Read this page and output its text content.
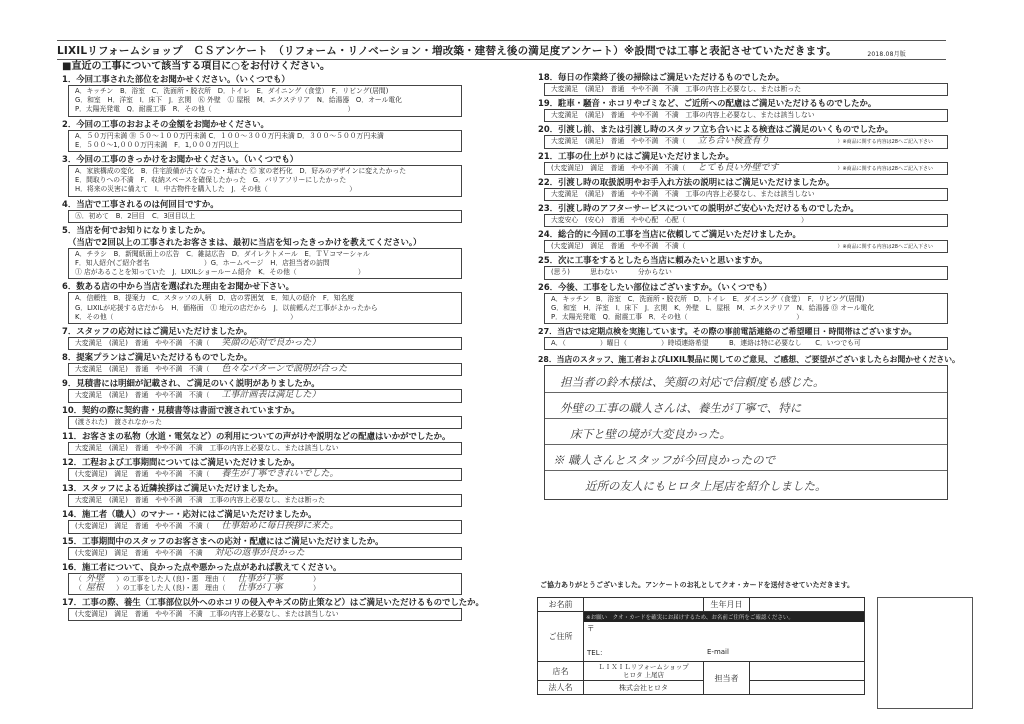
LIXILリフォームショップ　ＣＳアンケート　（リフォーム・リノベーション・増改築・建替え後の満足度アンケート）※設問では工事と表記させていただきます。	2018.08月版
■直近の工事について該当する項目に○をお付けください。
1．今回工事された部位をお聞かせください。（いくつでも）
A．キッチン　B．浴室　C．洗面所・脱衣所　D．トイレ　E．ダイニング（食堂）　F．リビング(居間)
G．和室　H．洋室　I．床下　J．玄関　Ⓚ 外壁　Ⓛ 屋根　M．エクステリア　N．給湯器　O．オール電化
P．太陽光発電　Q．耐震工事　R．その他（　　　　　　　　　　　　　　　　　　　　）
2．今回の工事のおおよその金額をお聞かせください。
A．５０万円未満 Ⓑ ５０～１００万円未満 C．１００～３００万円未満 D．３００～５００万円未満
E．５００～1,０００万円未満　F．1,０００万円以上
3．今回の工事のきっかけをお聞かせください。（いくつでも）
A．家族構成の変化　B．住宅設備が古くなった・壊れた Ⓒ 家の老朽化　D．好みのデザインに変えたかった
E．間取りへの不満　F．収納スペースを確保したかった　G．バリアフリーにしたかった
H．将来の災害に備えて　I．中古物件を購入した　J．その他（　　　　　　　　　　　　）
4．当店で工事されるのは何回目ですか。
Ⓐ．初めて　B．2回目　C．3回目以上
5．当店を何でお知りになりましたか。
（当店で2回以上の工事されたお客さまは、最初に当店を知ったきっかけを教えてください。）
A．チラシ　B．新聞紙面上の広告　C．雑誌広告　D．ダイレクトメール　E．ＴＶコマーシャル
F．知人紹介(ご紹介者名　　　　　　　　）G．ホームページ　H．店担当者の訪問
Ⓘ 店があることを知っていた　J．LIXILショールーム紹介　K．その他（　　　　　　　　　）
6．数ある店の中から当店を選ばれた理由をお聞かせ下さい。
A．信頼性　B．提案力　C．スタッフの人柄　D．店の雰囲気　E．知人の紹介　F．知名度
G．LIXILが応援する店だから　H．価格面　Ⓘ 地元の店だから　J．以前頼んだ工事がよかったから
K．その他（　　　　　　　　　　　　　　　　　　　　　　　　　　）
7．スタッフの応対にはご満足いただけましたか。
大変満足　(満足)　普通　やや不満　不満（ 笑顔の応対で良かった）
8．提案プランはご満足いただけるものでしたか。
大変満足　(満足)　普通　やや不満　不満（ 色々なパターンで説明が合った
9．見積書には明細が記載され、ご満足のいく説明がありましたか。
大変満足　(満足)　普通　やや不満　不満（ 工事計画表は満足した）
10．契約の際に契約書・見積書等は書面で渡されていますか。
(渡された)　渡されなかった
11．お客さまの私物（水道・電気など）の利用についての声がけや説明などの配慮はいかがでしたか。
大変満足　(満足)　普通　やや不満　不満　工事の内容上必要なし、または該当しない
12．工程および工事期間についてはご満足いただけましたか。
(大変満足)　満足　普通　やや不満　不満（ 養生が丁寧できれいでした。
13．スタッフによる近隣挨拶はご満足いただけましたか。
大変満足　(満足)　普通　やや不満　不満　工事の内容上必要なし、または断った
14．施工者（職人）のマナー・応対にはご満足いただけましたか。
(大変満足)　満足　普通　やや不満　不満（ 仕事始めに毎日挨拶に来た。
15．工事期間中のスタッフのお客さまへの応対・配慮にはご満足いただけましたか。
(大変満足)　満足　普通　やや不満　不満 対応の返事が良かった
16．施工者について、良かった点や悪かった点があれば教えてください。
（ 外壁 ）の工事をした人 (良)・悪　理由（ 仕事が丁寧　　　）
（ 屋根 ）の工事をした人 (良)・悪　理由（ 仕事が丁寧　　　）
17．工事の際、養生（工事部位以外へのホコリの侵入やキズの防止策など）はご満足いただけるものでしたか。
(大変満足)　満足　普通　やや不満　不満　工事の内容上必要なし、または該当しない
18．毎日の作業終了後の掃除はご満足いただけるものでしたか。
大変満足　(満足)　普通　やや不満　不満　工事の内容上必要なし、または断った
19．駐車・騒音・ホコリやゴミなど、ご近所への配慮はご満足いただけるものでしたか。
大変満足　(満足)　普通　やや不満　不満　工事の内容上必要なし、または該当しない
20．引渡し前、または引渡し時のスタッフ立ち合いによる検査はご満足のいくものでしたか。
大変満足　(満足)　普通　やや不満　不満（ 立ち合い検査有り	）※商品に関する内容は28へご記入下さい
21．工事の仕上がりにはご満足いただけましたか。
(大変満足)　満足　普通　やや不満　不満（ とても良い外壁です	）※商品に関する内容は28へご記入下さい
22．引渡し時の取扱説明やお手入れ方法の説明にはご満足いただけましたか。
大変満足　(満足)　普通　やや不満　不満　工事の内容上必要なし、または該当しない
23．引渡し時のアフターサービスについての説明がご安心いただけるものでしたか。
大変安心　(安心)　普通　やや心配　心配（　　　　　　　　　　　　　　　　　）
24．総合的に今回の工事を当店に依頼してご満足いただけましたか。
(大変満足)　満足　普通　やや不満　不満（　　　　　　　　　　　　　　　	）※商品に関する内容は28へご記入下さい
25．次に工事をするとしたら当店に頼みたいと思いますか。
(思う)　　　思わない　　　分からない
26．今後、工事をしたい部位はございますか。（いくつでも）
A．キッチン　B．浴室　C．洗面所・脱衣所　D．トイレ　E．ダイニング（食堂）　F．リビング(居間)
G．和室　H．洋室　I．床下　J．玄関　K．外壁　L．屋根　M．エクステリア　N．給湯器 Ⓞ オール電化
P．太陽光発電　Q．耐震工事　R．その他（　　　　　　　　　　　　　　　　）
27．当店では定期点検を実施しています。その際の事前電話連絡のご希望曜日・時間帯はございますか。
A．（　　　　　）曜日（　　　　　）時頃連絡希望　　　B．連絡は特に必要なし　　C．いつでも可
28．当店のスタッフ、施工者およびLIXIL製品に関してのご意見、ご感想、ご要望がございましたらお聞かせください。
担当者の鈴木様は、笑顔の対応で信頼度も感じた。
外壁の工事の職人さんは、養生が丁寧で、特に
床下と壁の境が大変良かった。
※ 職人さんとスタッフが今回良かったので
近所の友人にもヒロタ上尾店を紹介しました。
ご協力ありがとうございました。アンケートのお礼としてクオ・カードを送付させていただきます。
お名前		生年月日	
ご住所	※お願い　クオ・カードを確実にお届けするため、お名前ご住所をご確認ください。
〒
TEL： E-mail		

店名	ＬＩＸＩＬリフォームショップ
ヒロタ 上尾店	担当者	
法人名	株式会社ヒロタ		
